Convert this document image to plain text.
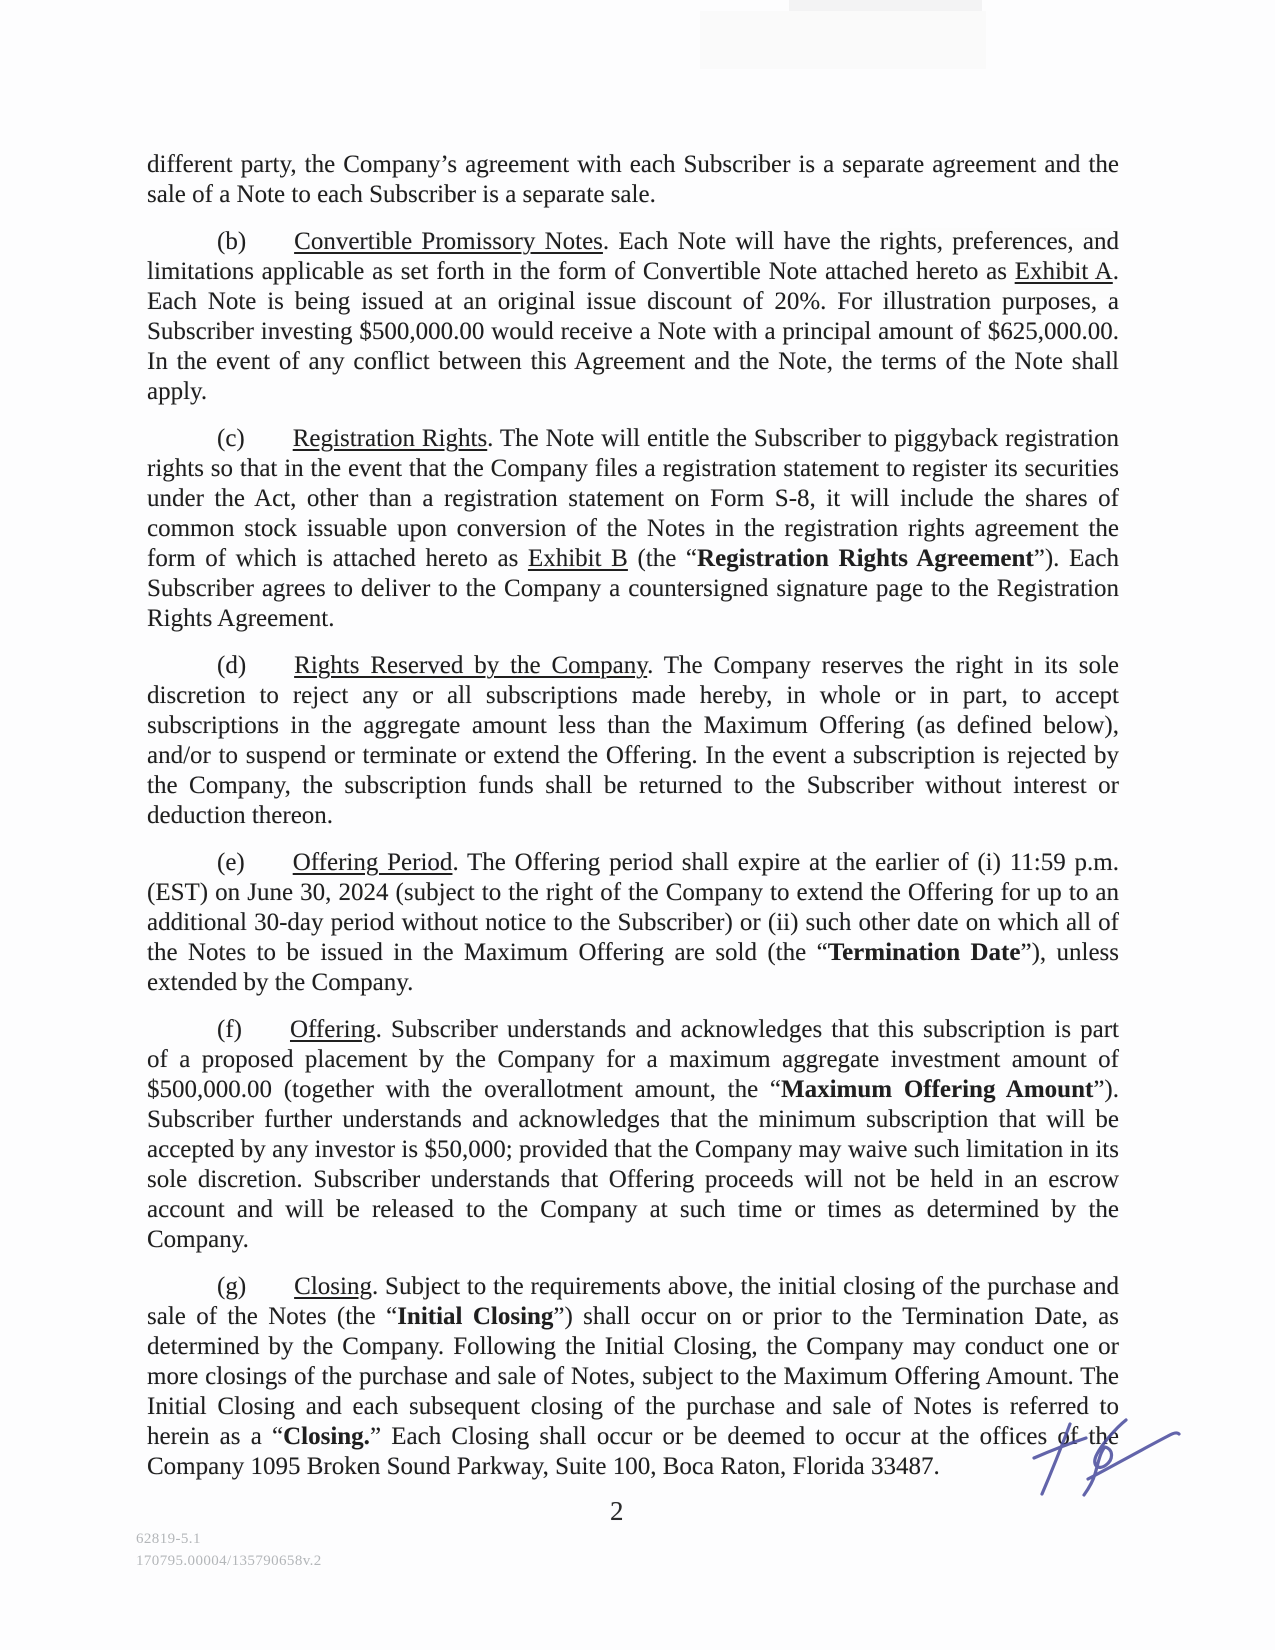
different party, the Company’s agreement with each Subscriber is a separate agreement and the sale of a Note to each Subscriber is a separate sale.

(b) Convertible Promissory Notes. Each Note will have the rights, preferences, and limitations applicable as set forth in the form of Convertible Note attached hereto as Exhibit A. Each Note is being issued at an original issue discount of 20%. For illustration purposes, a Subscriber investing $500,000.00 would receive a Note with a principal amount of $625,000.00. In the event of any conflict between this Agreement and the Note, the terms of the Note shall apply.

(c) Registration Rights. The Note will entitle the Subscriber to piggyback registration rights so that in the event that the Company files a registration statement to register its securities under the Act, other than a registration statement on Form S-8, it will include the shares of common stock issuable upon conversion of the Notes in the registration rights agreement the form of which is attached hereto as Exhibit B (the “Registration Rights Agreement”). Each Subscriber agrees to deliver to the Company a countersigned signature page to the Registration Rights Agreement.

(d) Rights Reserved by the Company. The Company reserves the right in its sole discretion to reject any or all subscriptions made hereby, in whole or in part, to accept subscriptions in the aggregate amount less than the Maximum Offering (as defined below), and/or to suspend or terminate or extend the Offering. In the event a subscription is rejected by the Company, the subscription funds shall be returned to the Subscriber without interest or deduction thereon.

(e) Offering Period. The Offering period shall expire at the earlier of (i) 11:59 p.m. (EST) on June 30, 2024 (subject to the right of the Company to extend the Offering for up to an additional 30-day period without notice to the Subscriber) or (ii) such other date on which all of the Notes to be issued in the Maximum Offering are sold (the “Termination Date”), unless extended by the Company.

(f) Offering. Subscriber understands and acknowledges that this subscription is part of a proposed placement by the Company for a maximum aggregate investment amount of $500,000.00 (together with the overallotment amount, the “Maximum Offering Amount”). Subscriber further understands and acknowledges that the minimum subscription that will be accepted by any investor is $50,000; provided that the Company may waive such limitation in its sole discretion. Subscriber understands that Offering proceeds will not be held in an escrow account and will be released to the Company at such time or times as determined by the Company.

(g) Closing. Subject to the requirements above, the initial closing of the purchase and sale of the Notes (the “Initial Closing”) shall occur on or prior to the Termination Date, as determined by the Company. Following the Initial Closing, the Company may conduct one or more closings of the purchase and sale of Notes, subject to the Maximum Offering Amount. The Initial Closing and each subsequent closing of the purchase and sale of Notes is referred to herein as a “Closing.” Each Closing shall occur or be deemed to occur at the offices of the Company 1095 Broken Sound Parkway, Suite 100, Boca Raton, Florida 33487.

2
62819-5.1
170795.00004/135790658v.2
